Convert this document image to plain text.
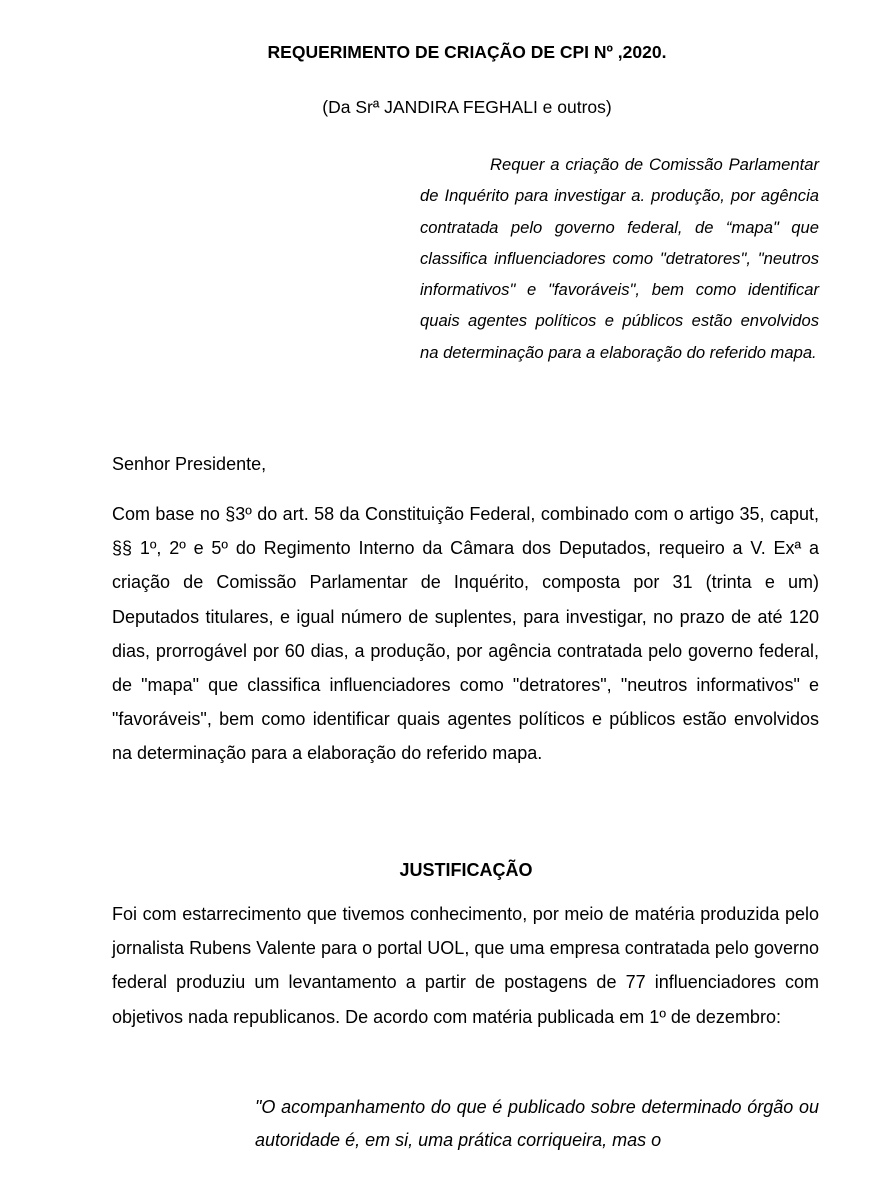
REQUERIMENTO DE CRIAÇÃO DE CPI Nº ,2020.
(Da Srª JANDIRA FEGHALI e outros)

Requer a criação de Comissão Parlamentar de Inquérito para investigar a. produção, por agência contratada pelo governo federal, de “mapa" que classifica influenciadores como "detratores", "neutros informativos" e "favoráveis", bem como identificar quais agentes políticos e públicos estão envolvidos na determinação para a elaboração do referido mapa.

Senhor Presidente,

Com base no §3º do art. 58 da Constituição Federal, combinado com o artigo 35, caput, §§ 1º, 2º e 5º do Regimento Interno da Câmara dos Deputados, requeiro a V. Exª a criação de Comissão Parlamentar de Inquérito, composta por 31 (trinta e um) Deputados titulares, e igual número de suplentes, para investigar, no prazo de até 120 dias, prorrogável por 60 dias, a produção, por agência contratada pelo governo federal, de "mapa" que classifica influenciadores como "detratores", "neutros informativos" e "favoráveis", bem como identificar quais agentes políticos e públicos estão envolvidos na determinação para a elaboração do referido mapa.

JUSTIFICAÇÃO

Foi com estarrecimento que tivemos conhecimento, por meio de matéria produzida pelo jornalista Rubens Valente para o portal UOL, que uma empresa contratada pelo governo federal produziu um levantamento a partir de postagens de 77 influenciadores com objetivos nada republicanos. De acordo com matéria publicada em 1º de dezembro:

"O acompanhamento do que é publicado sobre determinado órgão ou autoridade é, em si, uma prática corriqueira, mas o
